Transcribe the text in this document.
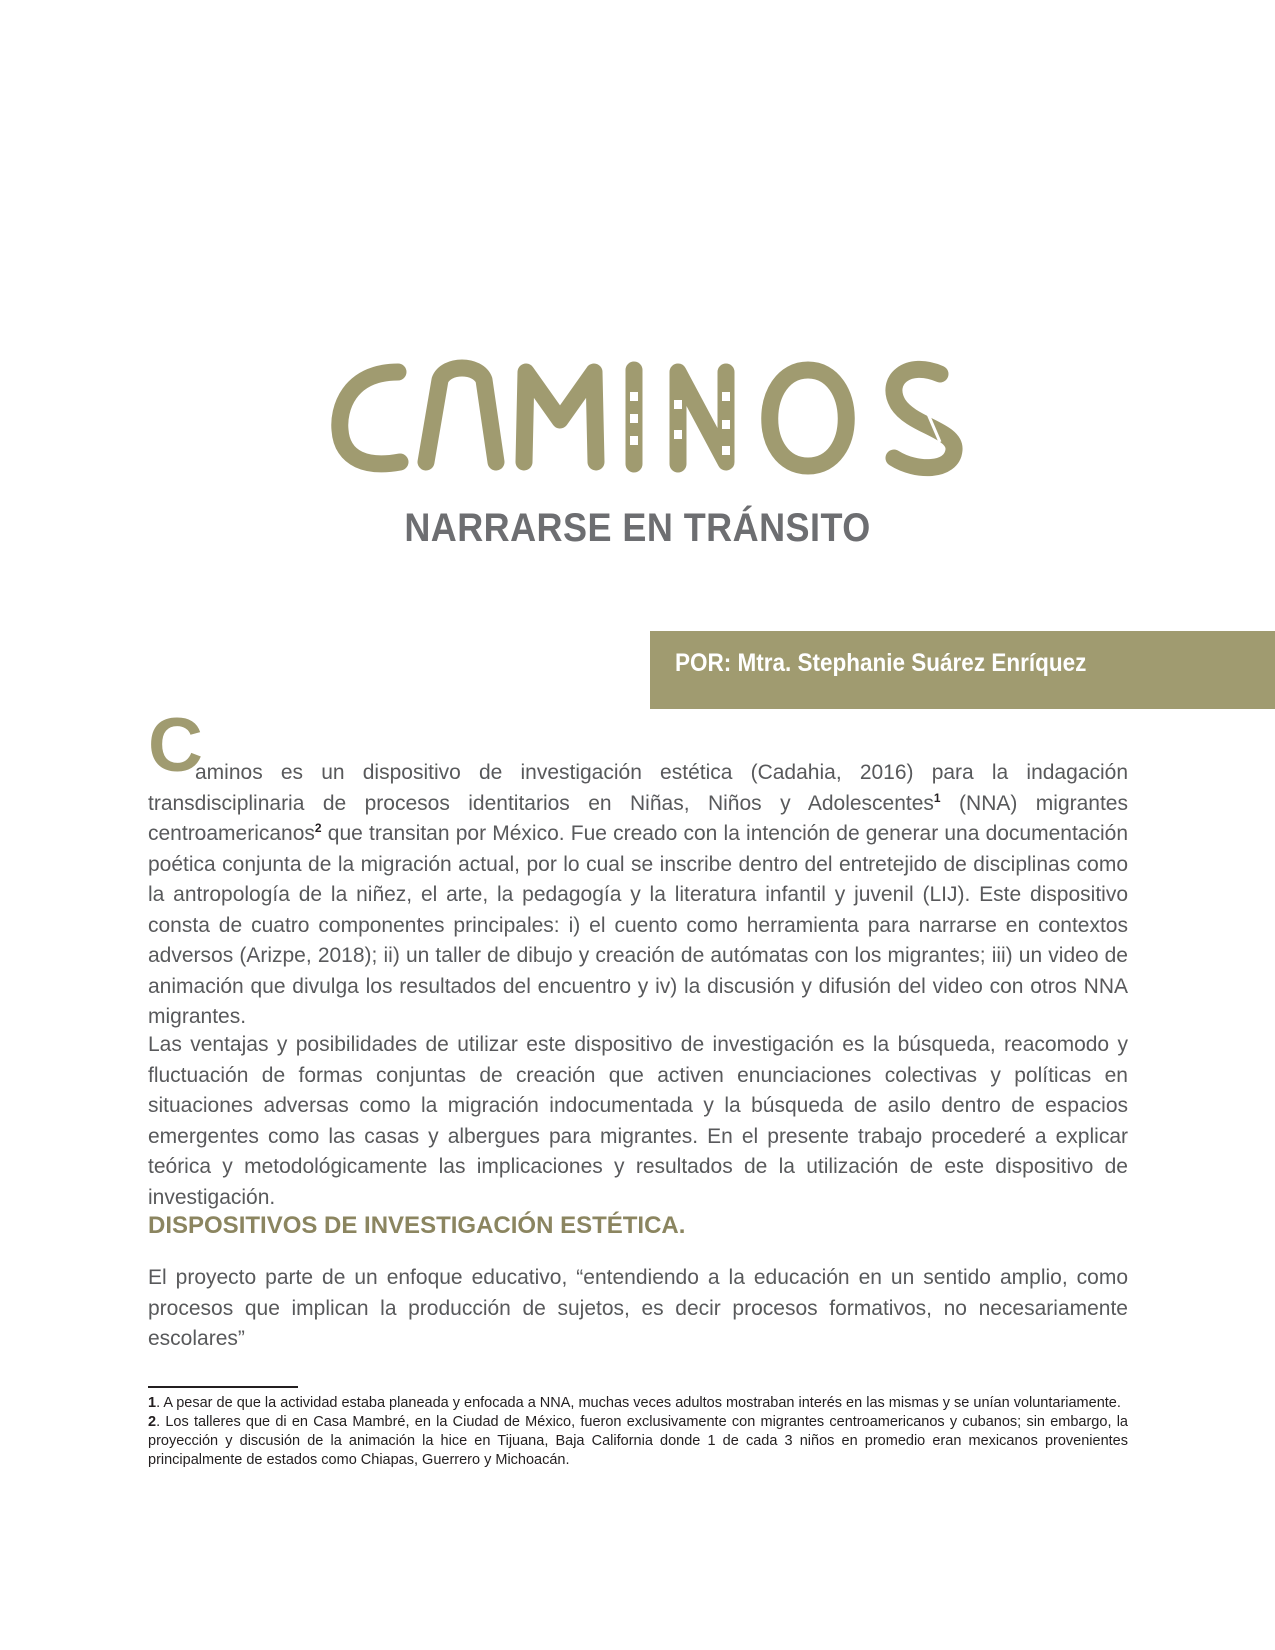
NARRARSE EN TRÁNSITO
POR: Mtra. Stephanie Suárez Enríquez
C

aminos es un dispositivo de investigación estética (Cadahia, 2016) para la indagación transdisciplinaria de procesos identitarios en Niñas, Niños y Adolescentes$^1$ (NNA) migrantes centroamericanos$^2$ que transitan por México. Fue creado con la intención de generar una documentación poética conjunta de la migración actual, por lo cual se inscribe dentro del entretejido de disciplinas como la antropología de la niñez, el arte, la pedagogía y la literatura infantil y juvenil (LIJ). Este dispositivo consta de cuatro componentes principales: i) el cuento como herramienta para narrarse en contextos adversos (Arizpe, 2018); ii) un taller de dibujo y creación de autómatas con los migrantes; iii) un video de animación que divulga los resultados del encuentro y iv) la discusión y difusión del video con otros NNA migrantes.

Las ventajas y posibilidades de utilizar este dispositivo de investigación es la búsqueda, reacomodo y fluctuación de formas conjuntas de creación que activen enunciaciones colectivas y políticas en situaciones adversas como la migración indocumentada y la búsqueda de asilo dentro de espacios emergentes como las casas y albergues para migrantes. En el presente trabajo procederé a explicar teórica y metodológicamente las implicaciones y resultados de la utilización de este dispositivo de investigación.

DISPOSITIVOS DE INVESTIGACIÓN ESTÉTICA.

El proyecto parte de un enfoque educativo, “entendiendo a la educación en un sentido amplio, como procesos que implican la producción de sujetos, es decir procesos formativos, no necesariamente escolares”

1. A pesar de que la actividad estaba planeada y enfocada a NNA, muchas veces adultos mostraban interés en las mismas y se unían voluntariamente.

2. Los talleres que di en Casa Mambré, en la Ciudad de México, fueron exclusivamente con migrantes centroamericanos y cubanos; sin embargo, la proyección y discusión de la animación la hice en Tijuana, Baja California donde 1 de cada 3 niños en promedio eran mexicanos provenientes principalmente de estados como Chiapas, Guerrero y Michoacán.
